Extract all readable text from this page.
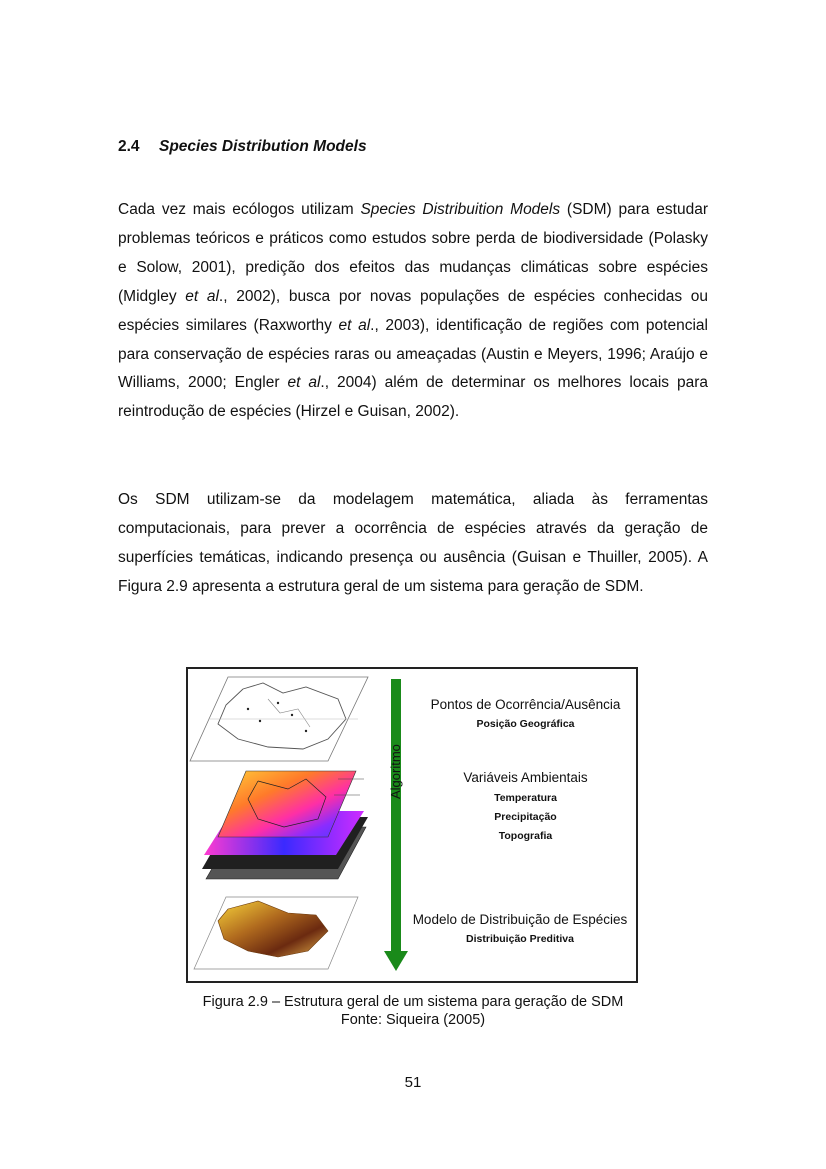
2.4 Species Distribution Models
Cada vez mais ecólogos utilizam Species Distribuition Models (SDM) para estudar problemas teóricos e práticos como estudos sobre perda de biodiversidade (Polasky e Solow, 2001), predição dos efeitos das mudanças climáticas sobre espécies (Midgley et al., 2002), busca por novas populações de espécies conhecidas ou espécies similares (Raxworthy et al., 2003), identificação de regiões com potencial para conservação de espécies raras ou ameaçadas (Austin e Meyers, 1996; Araújo e Williams, 2000; Engler et al., 2004) além de determinar os melhores locais para reintrodução de espécies (Hirzel e Guisan, 2002).
Os SDM utilizam-se da modelagem matemática, aliada às ferramentas computacionais, para prever a ocorrência de espécies através da geração de superfícies temáticas, indicando presença ou ausência (Guisan e Thuiller, 2005). A Figura 2.9 apresenta a estrutura geral de um sistema para geração de SDM.
Algoritmo
Pontos de Ocorrência/Ausência
Posição Geográfica
Variáveis Ambientais
Temperatura
Precipitação
Topografia
Modelo de Distribuição de Espécies
Distribuição Preditiva
Figura 2.9 – Estrutura geral de um sistema para geração de SDM
Fonte: Siqueira (2005)
51
